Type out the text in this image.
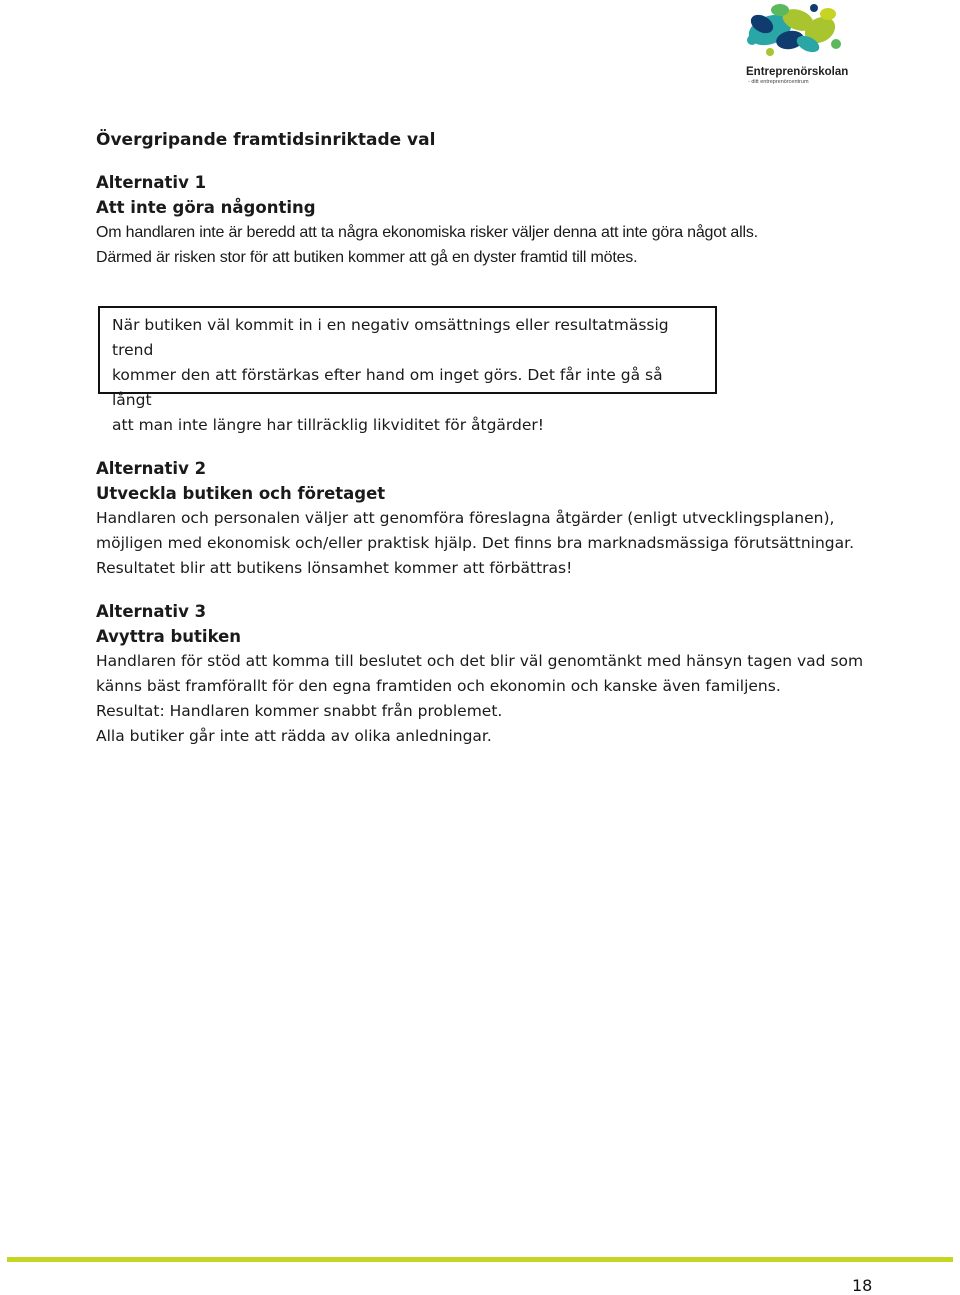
Entreprenörskolan
- ditt entreprenörcentrum

Övergripande framtidsinriktade val

Alternativ 1

Att inte göra någonting

Om handlaren inte är beredd att ta några ekonomiska risker väljer denna att inte göra något alls.

Därmed är risken stor för att butiken kommer att gå en dyster framtid till mötes.

När butiken väl kommit in i en negativ omsättnings eller resultatmässig trend

kommer den att förstärkas efter hand om inget görs. Det får inte gå så långt

att man inte längre har tillräcklig likviditet för åtgärder!

Alternativ 2

Utveckla butiken och företaget

Handlaren och personalen väljer att genomföra föreslagna åtgärder (enligt utvecklingsplanen),

möjligen med ekonomisk och/eller praktisk hjälp. Det finns bra marknadsmässiga förutsättningar.

Resultatet blir att butikens lönsamhet kommer att förbättras!

Alternativ 3

Avyttra butiken

Handlaren för stöd att komma till beslutet och det blir väl genomtänkt med hänsyn tagen vad som

känns bäst framförallt för den egna framtiden och ekonomin och kanske även familjens.

Resultat: Handlaren kommer snabbt från problemet.

Alla butiker går inte att rädda av olika anledningar.

18
